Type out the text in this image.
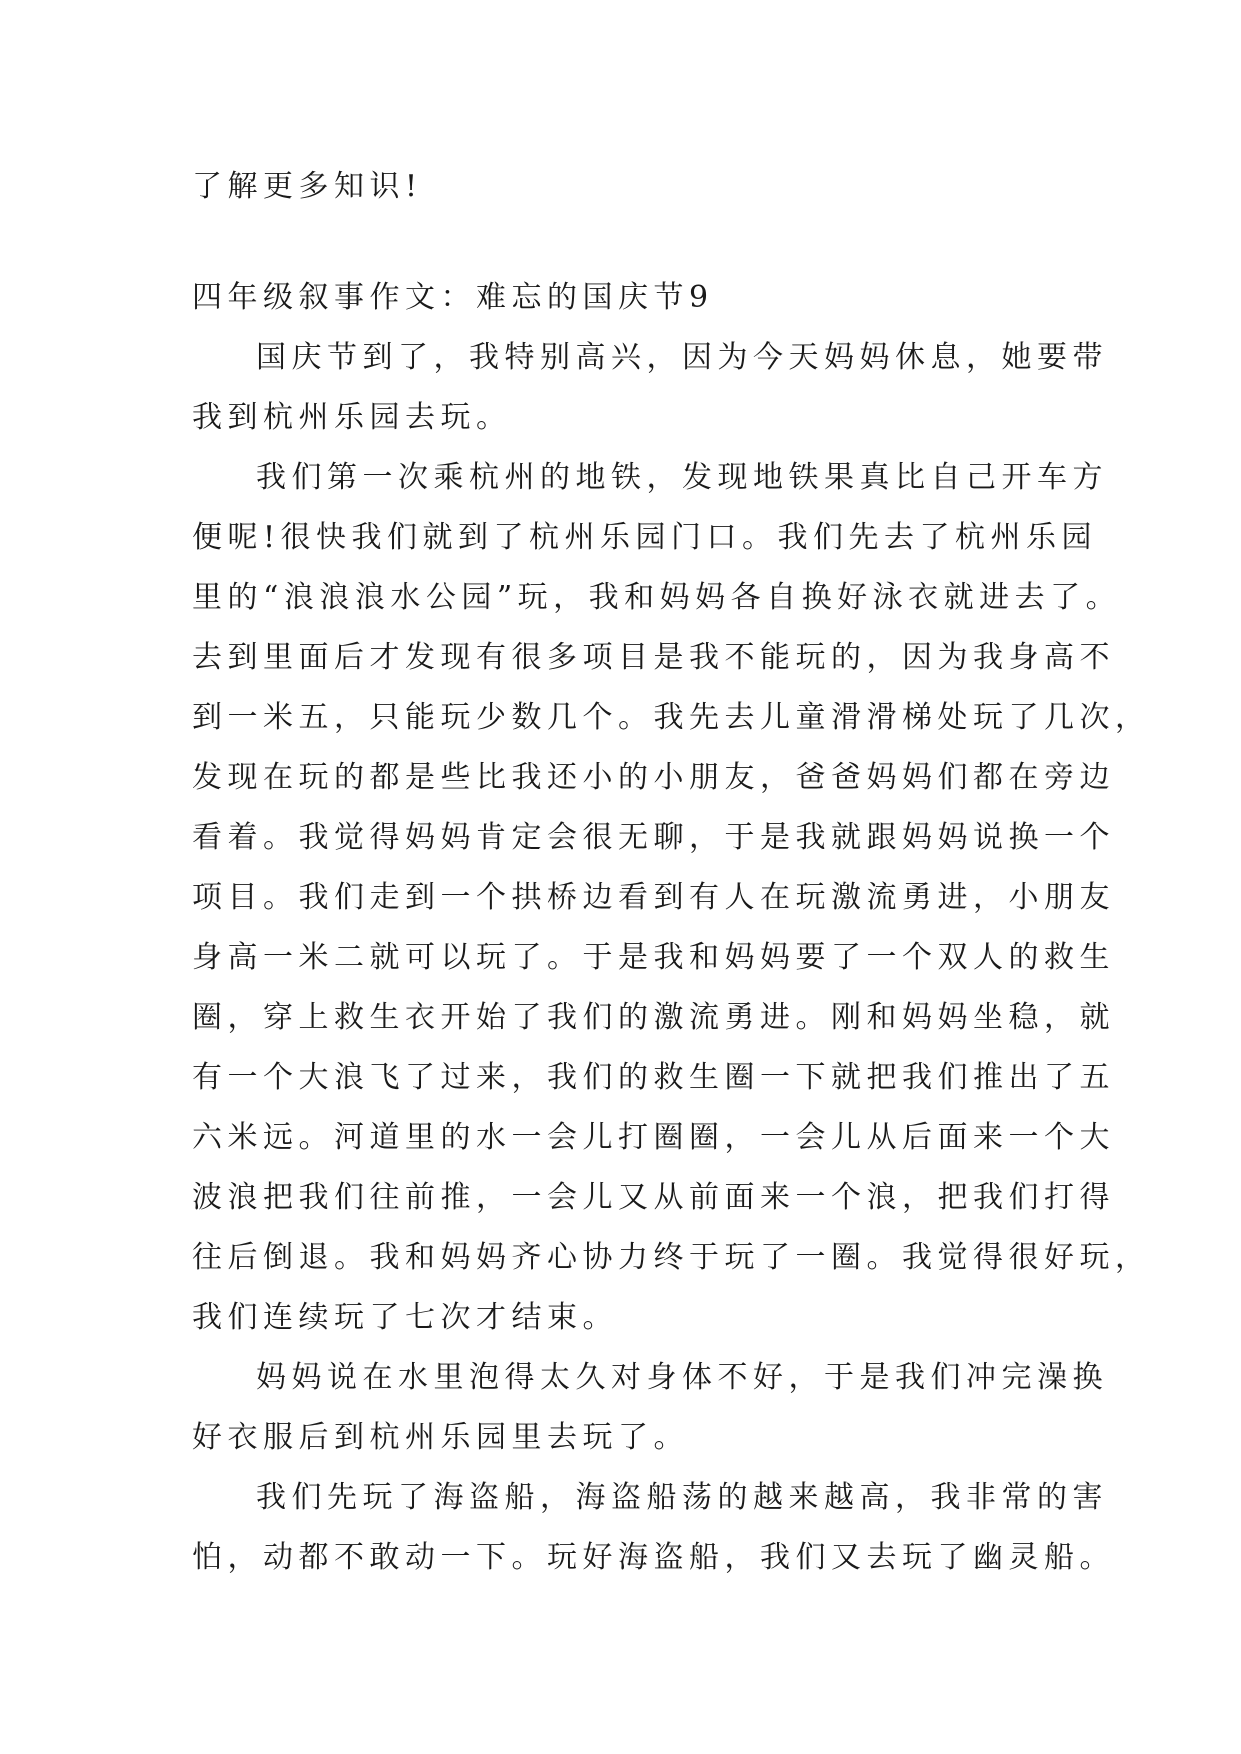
了解更多知识!
四年级叙事作文：难忘的国庆节9
国庆节到了，我特别高兴，因为今天妈妈休息，她要带
我到杭州乐园去玩。
我们第一次乘杭州的地铁，发现地铁果真比自己开车方
便呢!很快我们就到了杭州乐园门口。我们先去了杭州乐园
里的“浪浪浪水公园”玩，我和妈妈各自换好泳衣就进去了。
去到里面后才发现有很多项目是我不能玩的，因为我身高不
到一米五，只能玩少数几个。我先去儿童滑滑梯处玩了几次，
发现在玩的都是些比我还小的小朋友，爸爸妈妈们都在旁边
看着。我觉得妈妈肯定会很无聊，于是我就跟妈妈说换一个
项目。我们走到一个拱桥边看到有人在玩激流勇进，小朋友
身高一米二就可以玩了。于是我和妈妈要了一个双人的救生
圈，穿上救生衣开始了我们的激流勇进。刚和妈妈坐稳，就
有一个大浪飞了过来，我们的救生圈一下就把我们推出了五
六米远。河道里的水一会儿打圈圈，一会儿从后面来一个大
波浪把我们往前推，一会儿又从前面来一个浪，把我们打得
往后倒退。我和妈妈齐心协力终于玩了一圈。我觉得很好玩，
我们连续玩了七次才结束。
妈妈说在水里泡得太久对身体不好，于是我们冲完澡换
好衣服后到杭州乐园里去玩了。
我们先玩了海盗船，海盗船荡的越来越高，我非常的害
怕，动都不敢动一下。玩好海盗船，我们又去玩了幽灵船。
